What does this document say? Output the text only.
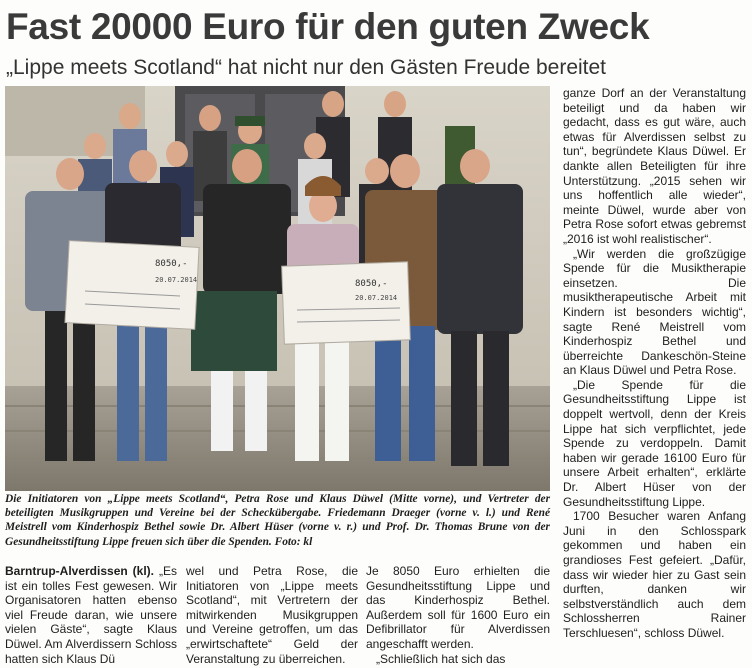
Fast 20000 Euro für den guten Zweck
„Lippe meets Scotland“ hat nicht nur den Gästen Freude bereitet
8050,-
20.07.2014	8050,-
20.07.2014
Die Initiatoren von „Lippe meets Scotland“, Petra Rose und Klaus Düwel (Mitte vorne), und Vertreter der beteiligten Musikgruppen und Vereine bei der Scheckübergabe. Friedemann Draeger (vorne v. l.) und René Meistrell vom Kinderhospiz Bethel sowie Dr. Albert Hüser (vorne v. r.) und Prof. Dr. Thomas Brune von der Gesundheitsstiftung Lippe freuen sich über die Spenden. Foto: kl

Barntrup-Alverdissen (kl). „Es ist ein tolles Fest gewesen. Wir Organisatoren hatten ebenso viel Freude daran, wie unsere vielen Gäste“, sagte Klaus Düwel. Am Alverdissern Schloss hatten sich Klaus Dü

wel und Petra Rose, die Initiatoren von „Lippe meets Scotland“, mit Vertretern der mitwirkenden Musikgruppen und Vereine getroffen, um das „erwirtschaftete“ Geld der Veranstaltung zu überreichen.

Je 8050 Euro erhielten die Gesundheitsstiftung Lippe und das Kinderhospiz Bethel. Außerdem soll für 1600 Euro ein Defibrillator für Alverdissen angeschafft werden.

„Schließlich hat sich das

ganze Dorf an der Veranstaltung beteiligt und da haben wir gedacht, dass es gut wäre, auch etwas für Alverdissen selbst zu tun“, begründete Klaus Düwel. Er dankte allen Beteiligten für ihre Unterstützung. „2015 sehen wir uns hoffentlich alle wieder“, meinte Düwel, wurde aber von Petra Rose sofort etwas gebremst „2016 ist wohl realistischer“.

„Wir werden die großzügige Spende für die Musiktherapie einsetzen. Die musiktherapeutische Arbeit mit Kindern ist besonders wichtig“, sagte René Meistrell vom Kinderhospiz Bethel und überreichte Dankeschön-Steine an Klaus Düwel und Petra Rose.

„Die Spende für die Gesundheitsstiftung Lippe ist doppelt wertvoll, denn der Kreis Lippe hat sich verpflichtet, jede Spende zu verdoppeln. Damit haben wir gerade 16100 Euro für unsere Arbeit erhalten“, erklärte Dr. Albert Hüser von der Gesundheitsstiftung Lippe.

1700 Besucher waren Anfang Juni in den Schlosspark gekommen und haben ein grandioses Fest gefeiert. „Dafür, dass wir wieder hier zu Gast sein durften, danken wir selbstverständlich auch dem Schlossherren Rainer Terschluesen“, schloss Düwel.
